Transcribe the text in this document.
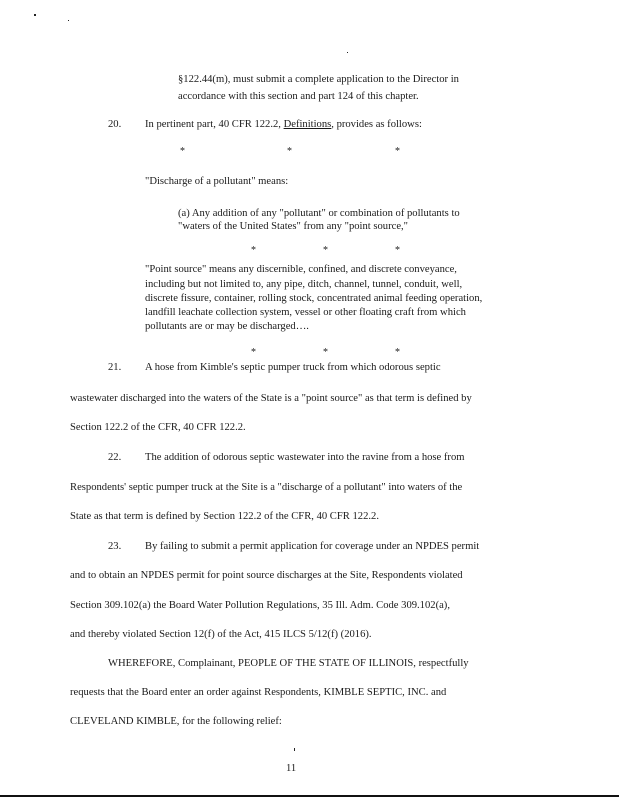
§122.44(m), must submit a complete application to the Director in

accordance with this section and part 124 of this chapter.

20. In pertinent part, 40 CFR 122.2, Definitions, provides as follows:

*	*	*

"Discharge of a pollutant" means:

(a) Any addition of any "pollutant" or combination of pollutants to

"waters of the United States" from any "point source,"

*	*	*

"Point source" means any discernible, confined, and discrete conveyance,

including but not limited to, any pipe, ditch, channel, tunnel, conduit, well,

discrete fissure, container, rolling stock, concentrated animal feeding operation,

landfill leachate collection system, vessel or other floating craft from which

pollutants are or may be discharged….

*	*	*

21. A hose from Kimble's septic pumper truck from which odorous septic

wastewater discharged into the waters of the State is a "point source" as that term is defined by

Section 122.2 of the CFR, 40 CFR 122.2.

22. The addition of odorous septic wastewater into the ravine from a hose from

Respondents' septic pumper truck at the Site is a "discharge of a pollutant" into waters of the

State as that term is defined by Section 122.2 of the CFR, 40 CFR 122.2.

23. By failing to submit a permit application for coverage under an NPDES permit

and to obtain an NPDES permit for point source discharges at the Site, Respondents violated

Section 309.102(a) the Board Water Pollution Regulations, 35 Ill. Adm. Code 309.102(a),

and thereby violated Section 12(f) of the Act, 415 ILCS 5/12(f) (2016).

WHEREFORE, Complainant, PEOPLE OF THE STATE OF ILLINOIS, respectfully

requests that the Board enter an order against Respondents, KIMBLE SEPTIC, INC. and

CLEVELAND KIMBLE, for the following relief:

11
